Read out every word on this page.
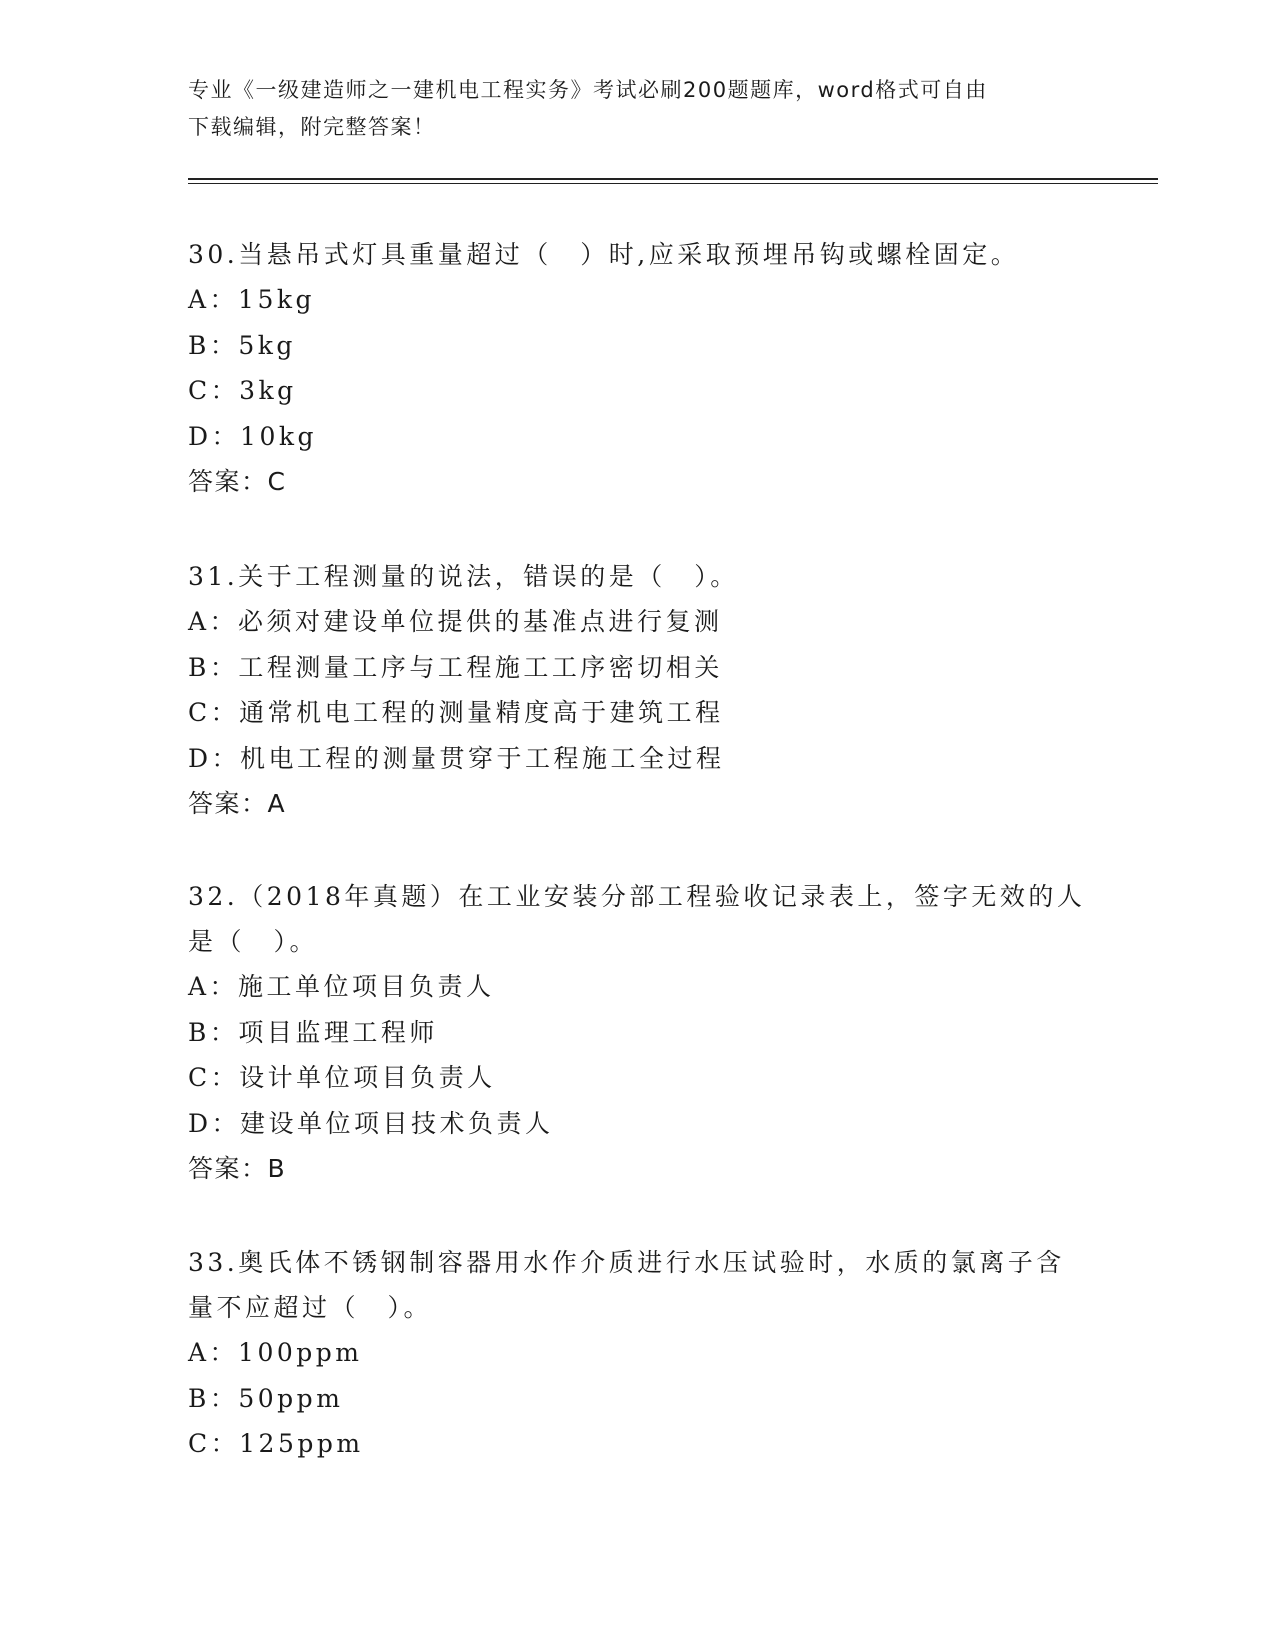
专业《一级建造师之一建机电工程实务》考试必刷200题题库，word格式可自由
下载编辑，附完整答案！

30.当悬吊式灯具重量超过（　）时,应采取预埋吊钩或螺栓固定。

A：15kg

B：5kg

C：3kg

D：10kg

答案：C

31.关于工程测量的说法，错误的是（　）。

A：必须对建设单位提供的基准点进行复测

B：工程测量工序与工程施工工序密切相关

C：通常机电工程的测量精度高于建筑工程

D：机电工程的测量贯穿于工程施工全过程

答案：A

32.（2018年真题）在工业安装分部工程验收记录表上，签字无效的人

是（　）。

A：施工单位项目负责人

B：项目监理工程师

C：设计单位项目负责人

D：建设单位项目技术负责人

答案：B

33.奥氏体不锈钢制容器用水作介质进行水压试验时，水质的氯离子含

量不应超过（　）。

A：100ppm

B：50ppm

C：125ppm
